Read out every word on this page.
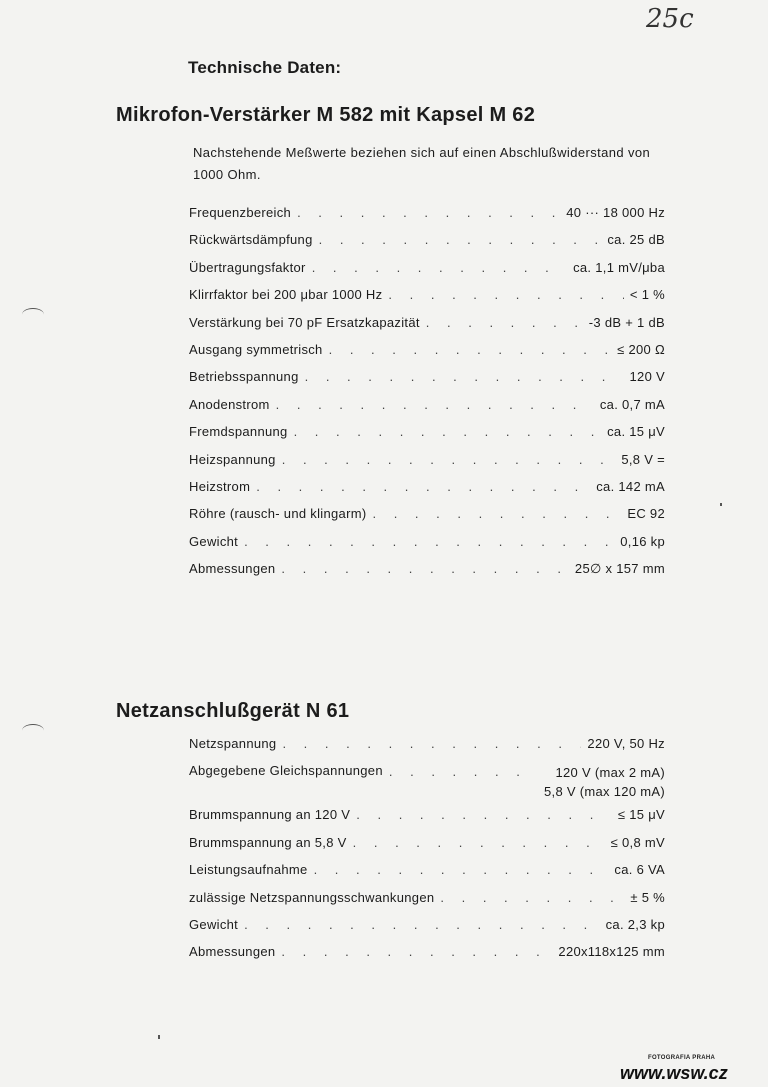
25c
Technische Daten:
Mikrofon-Verstärker M 582 mit Kapsel M 62
Nachstehende Meßwerte beziehen sich auf einen Abschlußwiderstand von 1000 Ohm.
Frequenzbereich . . .	40 ··· 18 000 Hz
Rückwärtsdämpfung . . .	ca. 25 dB
Übertragungsfaktor . . .	ca. 1,1 mV/μba
Klirrfaktor bei 200 μbar 1000 Hz . . .	< 1 %
Verstärkung bei 70 pF Ersatzkapazität . . .	-3 dB + 1 dB
Ausgang symmetrisch . . .	≤ 200 Ω
Betriebsspannung . . .	120 V
Anodenstrom . . .	ca. 0,7 mA
Fremdspannung . . .	ca. 15 μV
Heizspannung . . .	5,8 V =
Heizstrom . . .	ca. 142 mA
Röhre (rausch- und klingarm) . . .	EC 92
Gewicht . . .	0,16 kp
Abmessungen . . .	25∅ x 157 mm
Netzanschlußgerät N 61
Netzspannung . . .	220 V, 50 Hz
Abgegebene Gleichspannungen . . .	120 V (max 2 mA)
5,8 V (max 120 mA)
Brummspannung an 120 V . . .	≤ 15 μV
Brummspannung an 5,8 V . . .	≤ 0,8 mV
Leistungsaufnahme . . .	ca. 6 VA
zulässige Netzspannungsschwankungen . . .	± 5 %
Gewicht . . .	ca. 2,3 kp
Abmessungen . . .	220x118x125 mm
FOTOGRAFIA PRAHA
www.wsw.cz
